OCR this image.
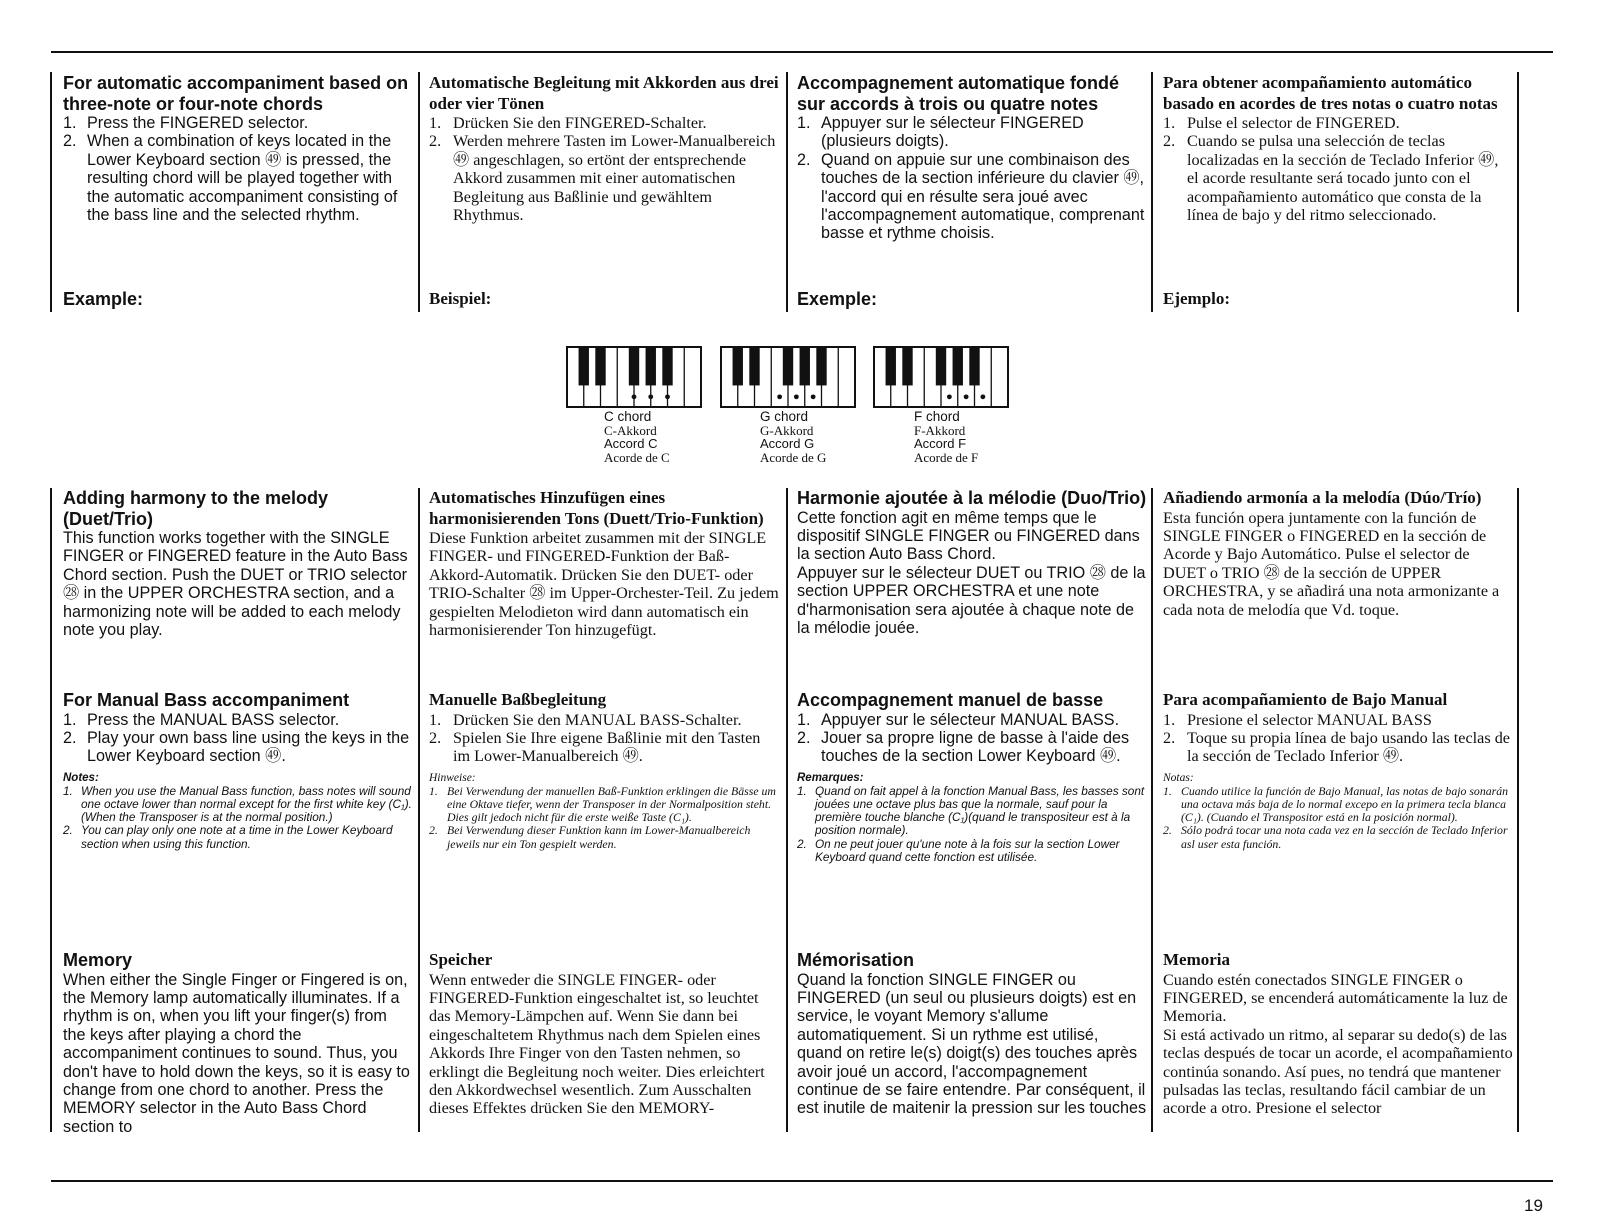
For automatic accompaniment based on three-note or four-note chords
1. Press the FINGERED selector.
2. When a combination of keys located in the Lower Keyboard section ㊾ is pressed, the resulting chord will be played together with the automatic accompaniment consisting of the bass line and the selected rhythm.
Example:
Adding harmony to the melody (Duet/Trio)

This function works together with the SINGLE FINGER or FINGERED feature in the Auto Bass Chord section. Push the DUET or TRIO selector ㉘ in the UPPER ORCHESTRA section, and a harmonizing note will be added to each melody note you play.

For Manual Bass accompaniment
1. Press the MANUAL BASS selector.
2. Play your own bass line using the keys in the Lower Keyboard section ㊾.
Notes:
1. When you use the Manual Bass function, bass notes will sound one octave lower than normal except for the first white key (C₁). (When the Transposer is at the normal position.)
2. You can play only one note at a time in the Lower Keyboard section when using this function.
Memory

When either the Single Finger or Fingered is on, the Memory lamp automatically illuminates. If a rhythm is on, when you lift your finger(s) from the keys after playing a chord the accompaniment continues to sound. Thus, you don't have to hold down the keys, so it is easy to change from one chord to another. Press the MEMORY selector in the Auto Bass Chord section to

Automatische Begleitung mit Akkorden aus drei oder vier Tönen
1. Drücken Sie den FINGERED-Schalter.
2. Werden mehrere Tasten im Lower-Manualbereich ㊾ angeschlagen, so ertönt der entsprechende Akkord zusammen mit einer automatischen Begleitung aus Baßlinie und gewähltem Rhythmus.
Beispiel:
Automatisches Hinzufügen eines harmonisierenden Tons (Duett/Trio-Funktion)

Diese Funktion arbeitet zusammen mit der SINGLE FINGER- und FINGERED-Funktion der Baß-Akkord-Automatik. Drücken Sie den DUET- oder TRIO-Schalter ㉘ im Upper-Orchester-Teil. Zu jedem gespielten Melodieton wird dann automatisch ein harmonisierender Ton hinzugefügt.

Manuelle Baßbegleitung
1. Drücken Sie den MANUAL BASS-Schalter.
2. Spielen Sie Ihre eigene Baßlinie mit den Tasten im Lower-Manualbereich ㊾.
Hinweise:
1. Bei Verwendung der manuellen Baß-Funktion erklingen die Bässe um eine Oktave tiefer, wenn der Transposer in der Normalposition steht. Dies gilt jedoch nicht für die erste weiße Taste (C₁).
2. Bei Verwendung dieser Funktion kann im Lower-Manualbereich jeweils nur ein Ton gespielt werden.
Speicher

Wenn entweder die SINGLE FINGER- oder FINGERED-Funktion eingeschaltet ist, so leuchtet das Memory-Lämpchen auf. Wenn Sie dann bei eingeschaltetem Rhythmus nach dem Spielen eines Akkords Ihre Finger von den Tasten nehmen, so erklingt die Begleitung noch weiter. Dies erleichtert den Akkordwechsel wesentlich. Zum Ausschalten dieses Effektes drücken Sie den MEMORY-

Accompagnement automatique fondé sur accords à trois ou quatre notes
1. Appuyer sur le sélecteur FINGERED (plusieurs doigts).
2. Quand on appuie sur une combinaison des touches de la section inférieure du clavier ㊾, l'accord qui en résulte sera joué avec l'accompagnement automatique, comprenant basse et rythme choisis.
Exemple:
Harmonie ajoutée à la mélodie (Duo/Trio)

Cette fonction agit en même temps que le dispositif SINGLE FINGER ou FINGERED dans la section Auto Bass Chord.

Appuyer sur le sélecteur DUET ou TRIO ㉘ de la section UPPER ORCHESTRA et une note d'harmonisation sera ajoutée à chaque note de la mélodie jouée.

Accompagnement manuel de basse
1. Appuyer sur le sélecteur MANUAL BASS.
2. Jouer sa propre ligne de basse à l'aide des touches de la section Lower Keyboard ㊾.
Remarques:
1. Quand on fait appel à la fonction Manual Bass, les basses sont jouées une octave plus bas que la normale, sauf pour la première touche blanche (C₁)(quand le transpositeur est à la position normale).
2. On ne peut jouer qu'une note à la fois sur la section Lower Keyboard quand cette fonction est utilisée.
Mémorisation

Quand la fonction SINGLE FINGER ou FINGERED (un seul ou plusieurs doigts) est en service, le voyant Memory s'allume automatiquement. Si un rythme est utilisé, quand on retire le(s) doigt(s) des touches après avoir joué un accord, l'accompagnement continue de se faire entendre. Par conséquent, il est inutile de maitenir la pression sur les touches

Para obtener acompañamiento automático basado en acordes de tres notas o cuatro notas
1. Pulse el selector de FINGERED.
2. Cuando se pulsa una selección de teclas localizadas en la sección de Teclado Inferior ㊾, el acorde resultante será tocado junto con el acompañamiento automático que consta de la línea de bajo y del ritmo seleccionado.
Ejemplo:
Añadiendo armonía a la melodía (Dúo/Trío)

Esta función opera juntamente con la función de SINGLE FINGER o FINGERED en la sección de Acorde y Bajo Automático. Pulse el selector de DUET o TRIO ㉘ de la sección de UPPER ORCHESTRA, y se añadirá una nota armonizante a cada nota de melodía que Vd. toque.

Para acompañamiento de Bajo Manual
1. Presione el selector MANUAL BASS
2. Toque su propia línea de bajo usando las teclas de la sección de Teclado Inferior ㊾.
Notas:
1. Cuando utilice la función de Bajo Manual, las notas de bajo sonarán una octava más baja de lo normal excepo en la primera tecla blanca (C₁). (Cuando el Transpositor está en la posición normal).
2. Sólo podrá tocar una nota cada vez en la sección de Teclado Inferior asl user esta función.
Memoria

Cuando estén conectados SINGLE FINGER o FINGERED, se encenderá automáticamente la luz de Memoria.

Si está activado un ritmo, al separar su dedo(s) de las teclas después de tocar un acorde, el acompañamiento continúa sonando. Así pues, no tendrá que mantener pulsadas las teclas, resultando fácil cambiar de un acorde a otro. Presione el selector

C chord
C-Akkord
Accord C
Acorde de C
G chord
G-Akkord
Accord G
Acorde de G
F chord
F-Akkord
Accord F
Acorde de F
19
